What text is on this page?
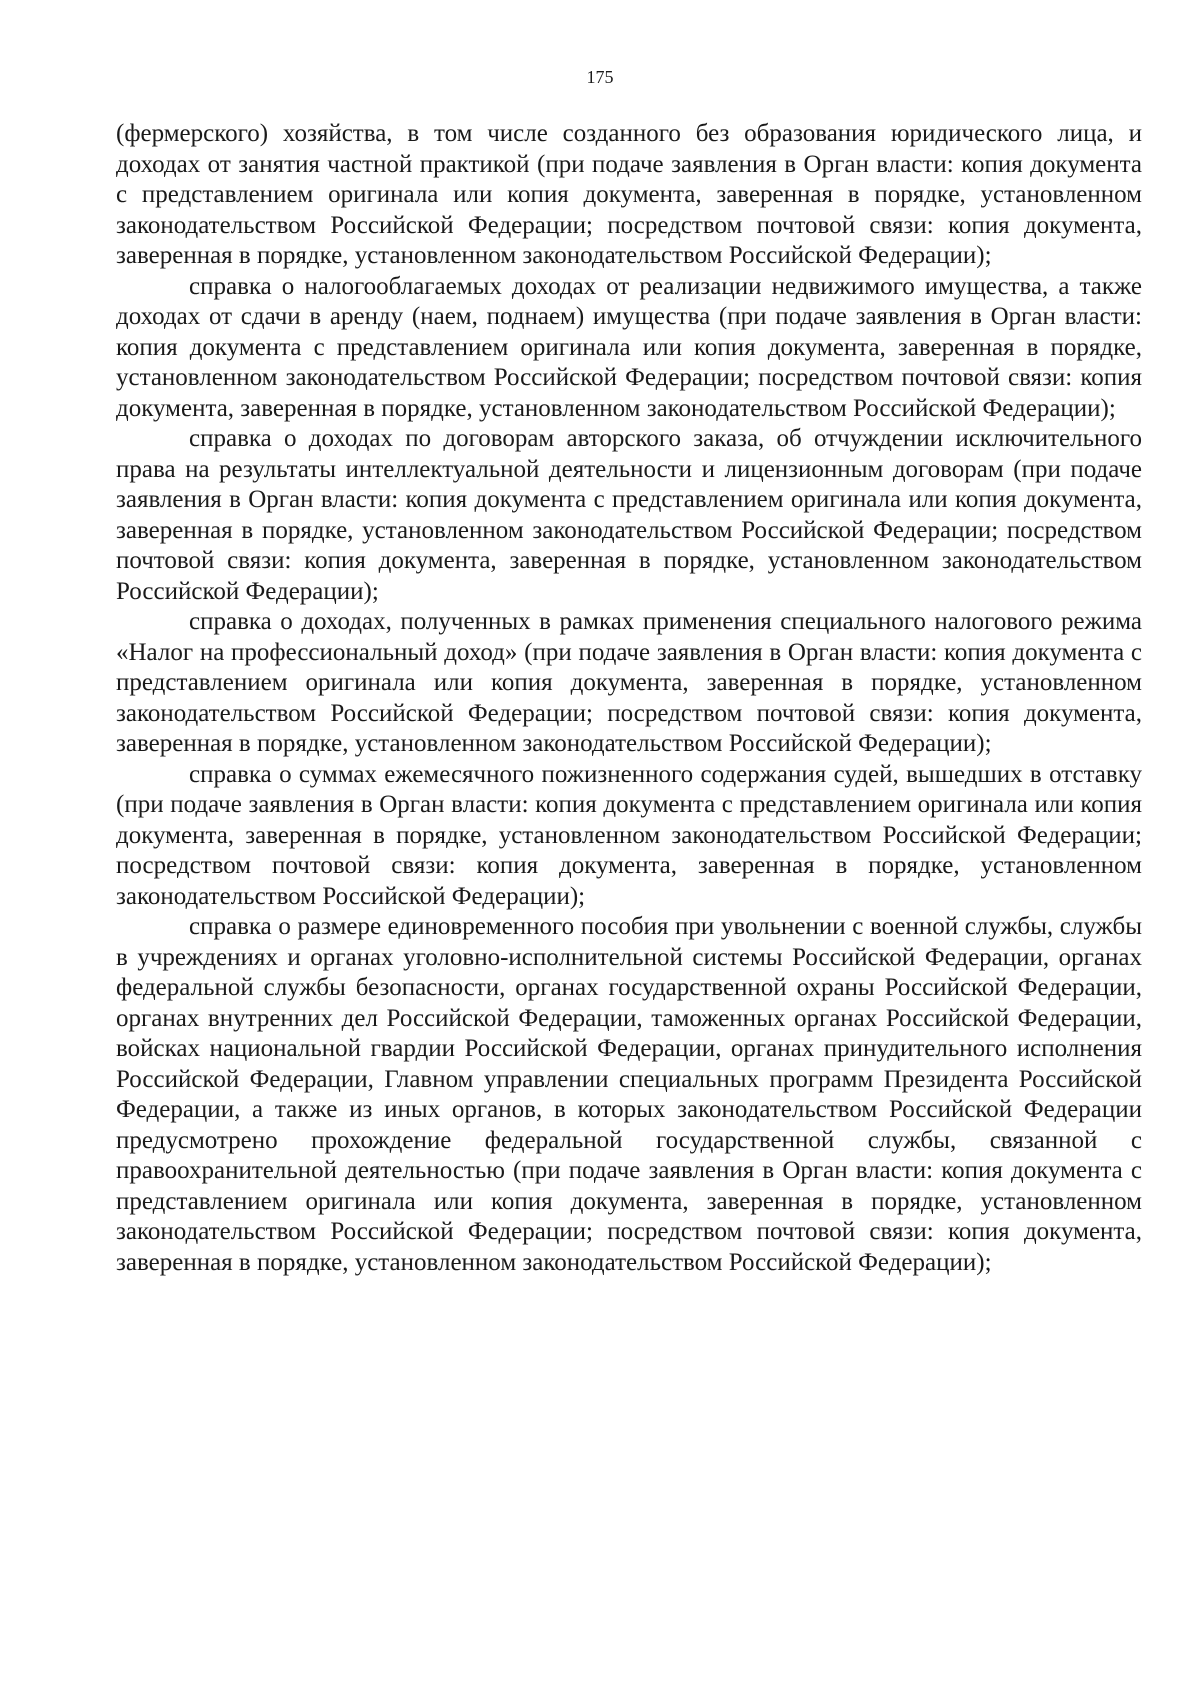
175

(фермерского) хозяйства, в том числе созданного без образования юридического лица, и доходах от занятия частной практикой (при подаче заявления в Орган власти: копия документа с представлением оригинала или копия документа, заверенная в порядке, установленном законодательством Российской Федерации; посредством почтовой связи: копия документа, заверенная в порядке, установленном законодательством Российской Федерации);

справка о налогооблагаемых доходах от реализации недвижимого имущества, а также доходах от сдачи в аренду (наем, поднаем) имущества (при подаче заявления в Орган власти: копия документа с представлением оригинала или копия документа, заверенная в порядке, установленном законодательством Российской Федерации; посредством почтовой связи: копия документа, заверенная в порядке, установленном законодательством Российской Федерации);

справка о доходах по договорам авторского заказа, об отчуждении исключительного права на результаты интеллектуальной деятельности и лицензионным договорам (при подаче заявления в Орган власти: копия документа с представлением оригинала или копия документа, заверенная в порядке, установленном законодательством Российской Федерации; посредством почтовой связи: копия документа, заверенная в порядке, установленном законодательством Российской Федерации);

справка о доходах, полученных в рамках применения специального налогового режима «Налог на профессиональный доход» (при подаче заявления в Орган власти: копия документа с представлением оригинала или копия документа, заверенная в порядке, установленном законодательством Российской Федерации; посредством почтовой связи: копия документа, заверенная в порядке, установленном законодательством Российской Федерации);

справка о суммах ежемесячного пожизненного содержания судей, вышедших в отставку (при подаче заявления в Орган власти: копия документа с представлением оригинала или копия документа, заверенная в порядке, установленном законодательством Российской Федерации; посредством почтовой связи: копия документа, заверенная в порядке, установленном законодательством Российской Федерации);

справка о размере единовременного пособия при увольнении с военной службы, службы в учреждениях и органах уголовно-исполнительной системы Российской Федерации, органах федеральной службы безопасности, органах государственной охраны Российской Федерации, органах внутренних дел Российской Федерации, таможенных органах Российской Федерации, войсках национальной гвардии Российской Федерации, органах принудительного исполнения Российской Федерации, Главном управлении специальных программ Президента Российской Федерации, а также из иных органов, в которых законодательством Российской Федерации предусмотрено прохождение федеральной государственной службы, связанной с правоохранительной деятельностью (при подаче заявления в Орган власти: копия документа с представлением оригинала или копия документа, заверенная в порядке, установленном законодательством Российской Федерации; посредством почтовой связи: копия документа, заверенная в порядке, установленном законодательством Российской Федерации);
